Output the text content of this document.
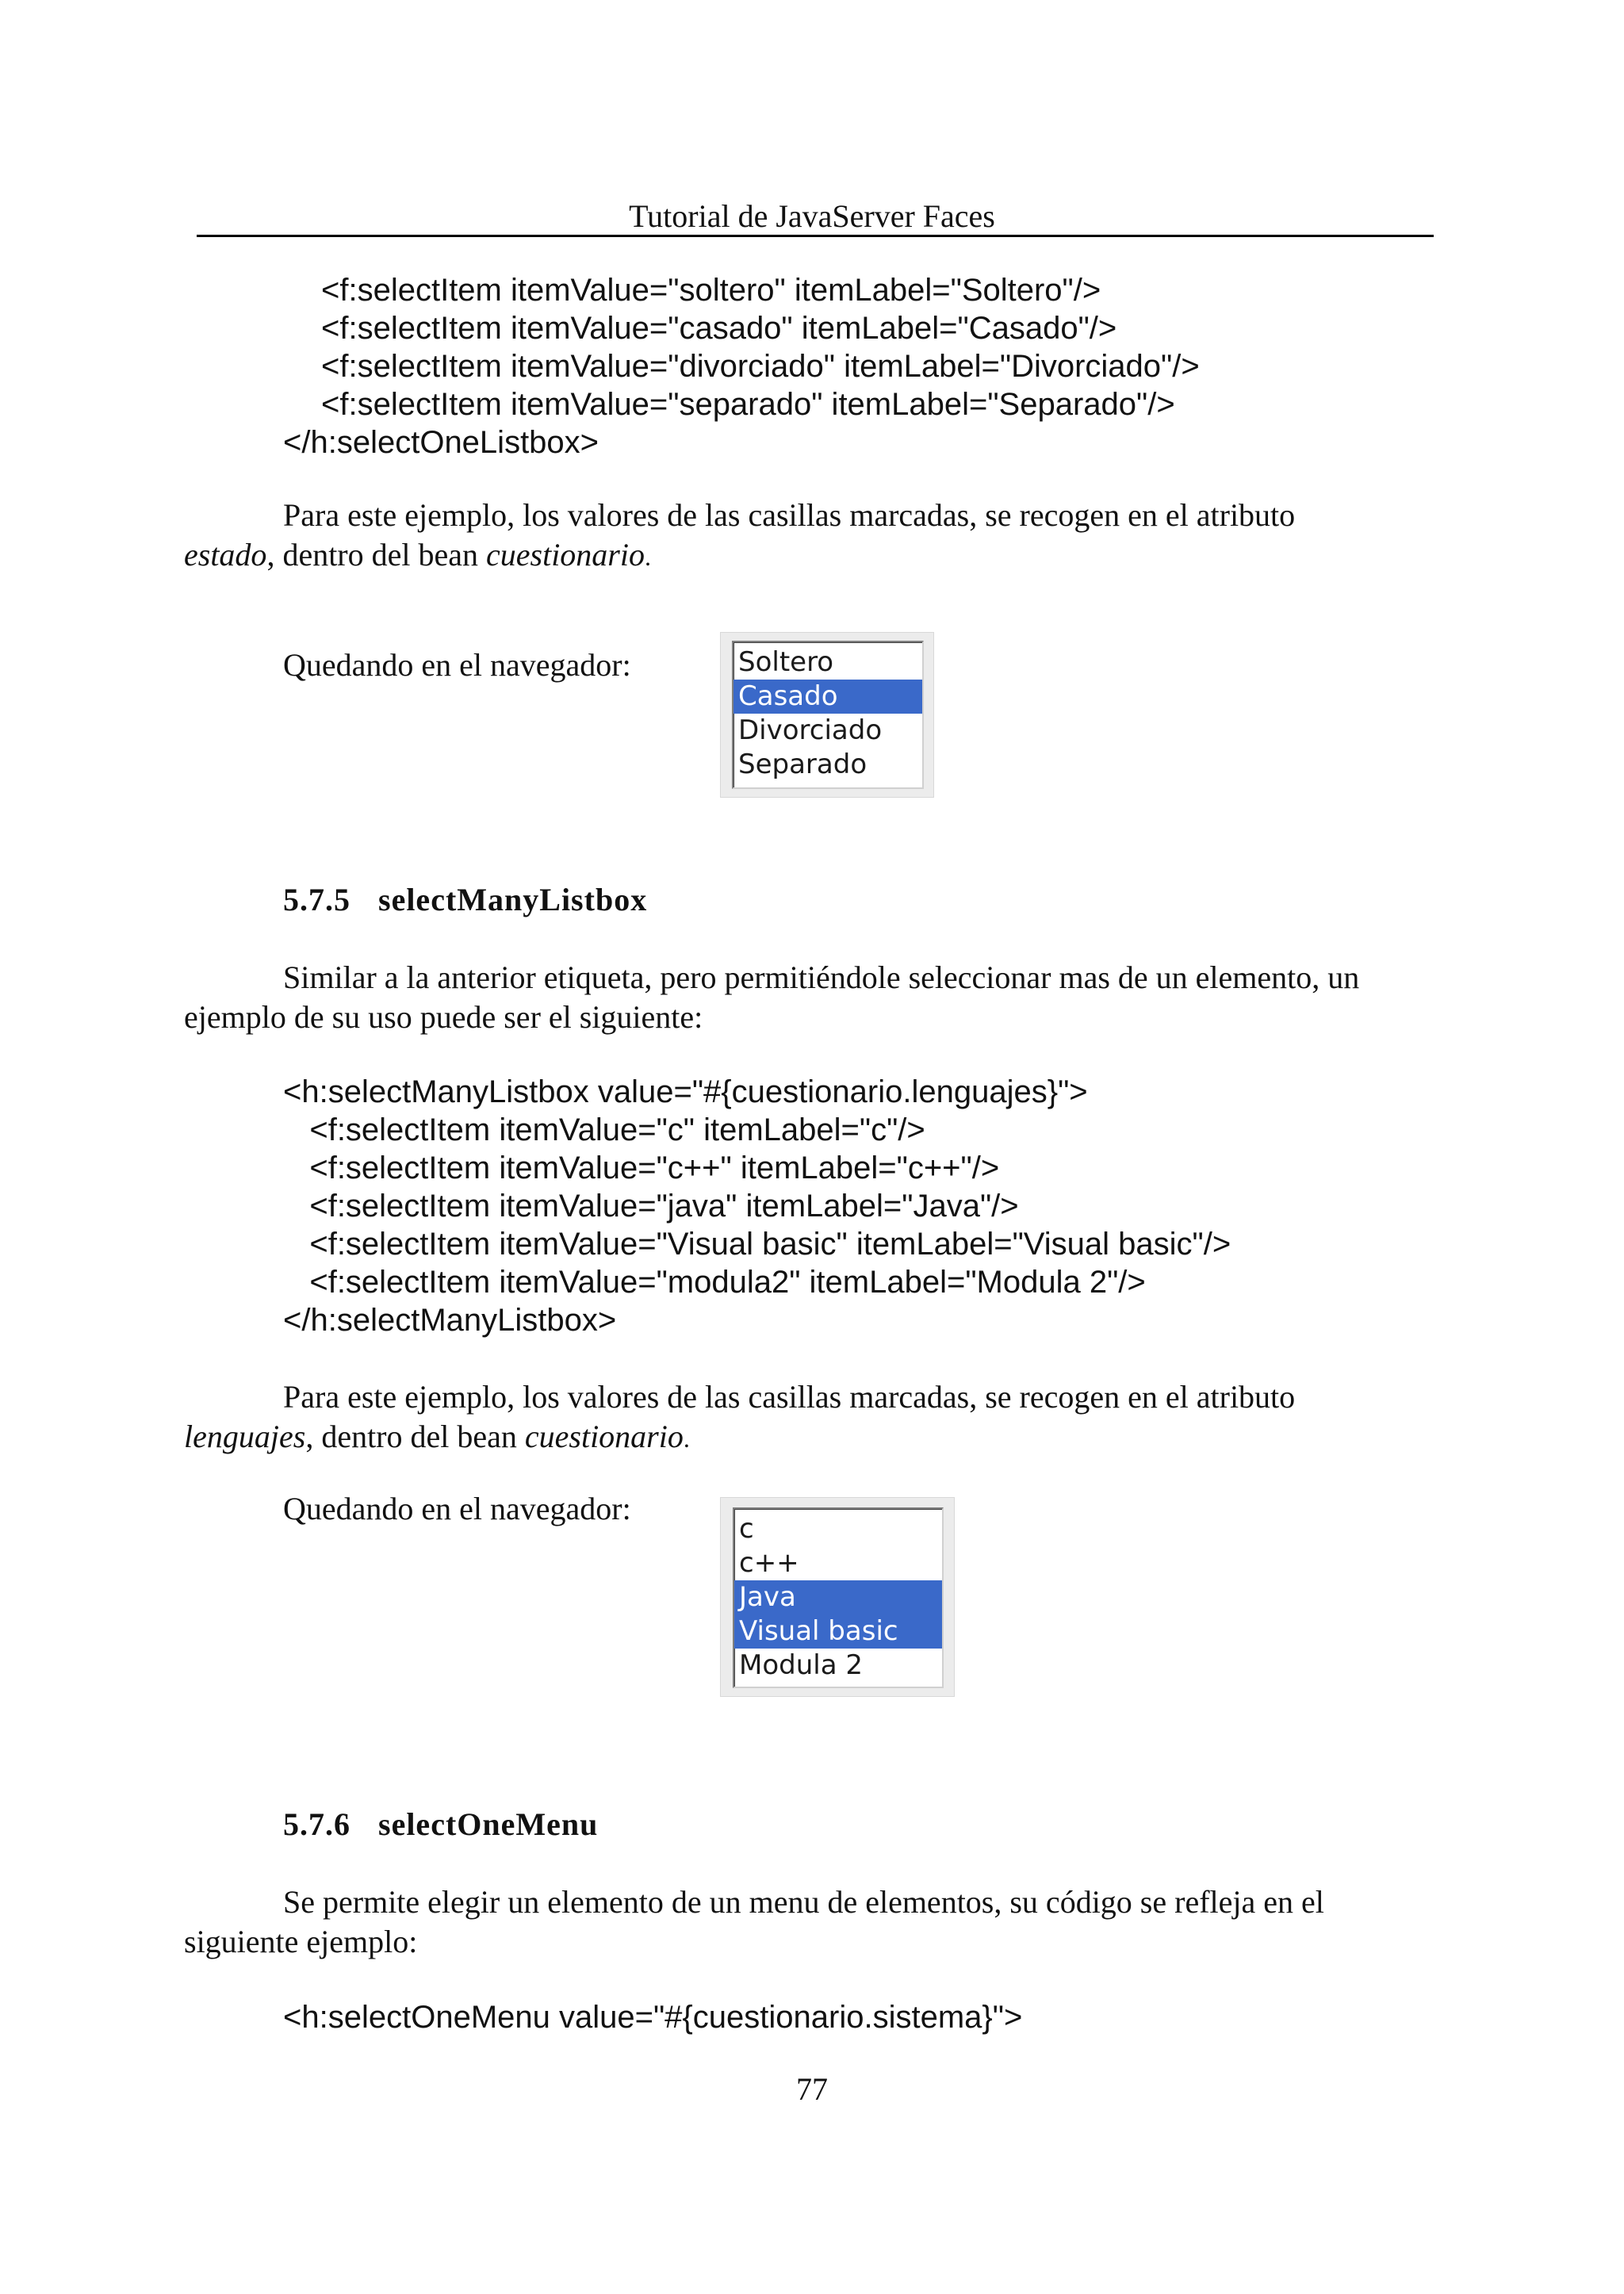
Tutorial de JavaServer Faces
<f:selectItem itemValue="soltero" itemLabel="Soltero"/>
<f:selectItem itemValue="casado" itemLabel="Casado"/>
<f:selectItem itemValue="divorciado" itemLabel="Divorciado"/>
<f:selectItem itemValue="separado" itemLabel="Separado"/>
</h:selectOneListbox>
Para este ejemplo, los valores de las casillas marcadas, se recogen en el atributo
estado, dentro del bean cuestionario.
Quedando en el navegador:	Soltero
Casado
Divorciado
Separado
5.7.5 selectManyListbox
Similar a la anterior etiqueta, pero permitiéndole seleccionar mas de un elemento, un
ejemplo de su uso puede ser el siguiente:
<h:selectManyListbox value="#{cuestionario.lenguajes}">
<f:selectItem itemValue="c" itemLabel="c"/>
<f:selectItem itemValue="c++" itemLabel="c++"/>
<f:selectItem itemValue="java" itemLabel="Java"/>
<f:selectItem itemValue="Visual basic" itemLabel="Visual basic"/>
<f:selectItem itemValue="modula2" itemLabel="Modula 2"/>
</h:selectManyListbox>
Para este ejemplo, los valores de las casillas marcadas, se recogen en el atributo
lenguajes, dentro del bean cuestionario.
Quedando en el navegador:
c
c++
Java
Visual basic
Modula 2
5.7.6 selectOneMenu
Se permite elegir un elemento de un menu de elementos, su código se refleja en el
siguiente ejemplo:
<h:selectOneMenu value="#{cuestionario.sistema}">
77
